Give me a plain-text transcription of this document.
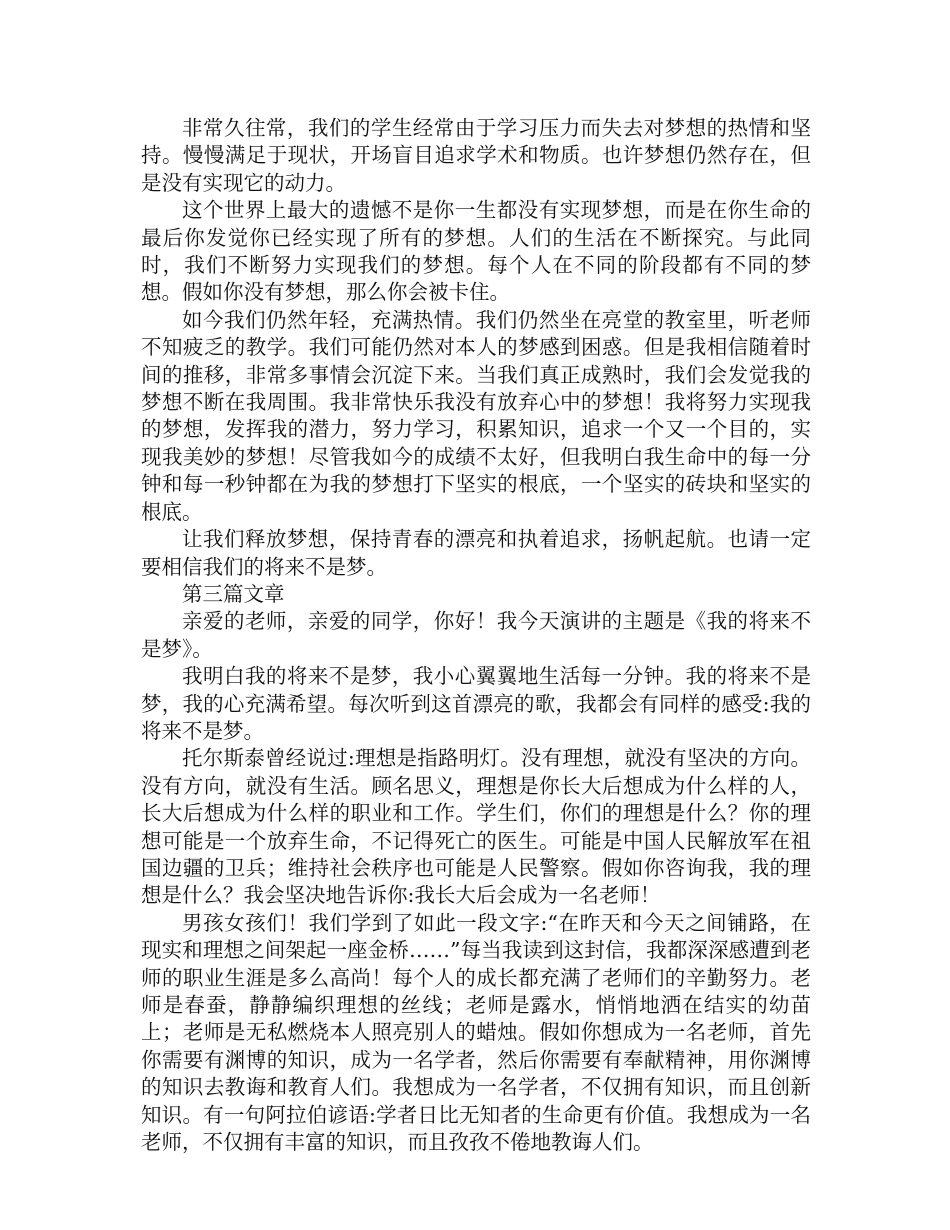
非常久往常，我们的学生经常由于学习压力而失去对梦想的热情和坚持。慢慢满足于现状，开场盲目追求学术和物质。也许梦想仍然存在，但是没有实现它的动力。

这个世界上最大的遗憾不是你一生都没有实现梦想，而是在你生命的最后你发觉你已经实现了所有的梦想。人们的生活在不断探究。与此同时，我们不断努力实现我们的梦想。每个人在不同的阶段都有不同的梦想。假如你没有梦想，那么你会被卡住。

如今我们仍然年轻，充满热情。我们仍然坐在亮堂的教室里，听老师不知疲乏的教学。我们可能仍然对本人的梦感到困惑。但是我相信随着时间的推移，非常多事情会沉淀下来。当我们真正成熟时，我们会发觉我的梦想不断在我周围。我非常快乐我没有放弃心中的梦想！我将努力实现我的梦想，发挥我的潜力，努力学习，积累知识，追求一个又一个目的，实现我美妙的梦想！尽管我如今的成绩不太好，但我明白我生命中的每一分钟和每一秒钟都在为我的梦想打下坚实的根底，一个坚实的砖块和坚实的根底。

让我们释放梦想，保持青春的漂亮和执着追求，扬帆起航。也请一定要相信我们的将来不是梦。

第三篇文章

亲爱的老师，亲爱的同学，你好！我今天演讲的主题是《我的将来不是梦》。

我明白我的将来不是梦，我小心翼翼地生活每一分钟。我的将来不是梦，我的心充满希望。每次听到这首漂亮的歌，我都会有同样的感受:我的将来不是梦。

托尔斯泰曾经说过:理想是指路明灯。没有理想，就没有坚决的方向。没有方向，就没有生活。顾名思义，理想是你长大后想成为什么样的人，长大后想成为什么样的职业和工作。学生们，你们的理想是什么？你的理想可能是一个放弃生命，不记得死亡的医生。可能是中国人民解放军在祖国边疆的卫兵；维持社会秩序也可能是人民警察。假如你咨询我，我的理想是什么？我会坚决地告诉你:我长大后会成为一名老师！

男孩女孩们！我们学到了如此一段文字:“在昨天和今天之间铺路，在现实和理想之间架起一座金桥……”每当我读到这封信，我都深深感遭到老师的职业生涯是多么高尚！每个人的成长都充满了老师们的辛勤努力。老师是春蚕，静静编织理想的丝线；老师是露水，悄悄地洒在结实的幼苗上；老师是无私燃烧本人照亮别人的蜡烛。假如你想成为一名老师，首先你需要有渊博的知识，成为一名学者，然后你需要有奉献精神，用你渊博的知识去教诲和教育人们。我想成为一名学者，不仅拥有知识，而且创新知识。有一句阿拉伯谚语:学者日比无知者的生命更有价值。我想成为一名老师，不仅拥有丰富的知识，而且孜孜不倦地教诲人们。
